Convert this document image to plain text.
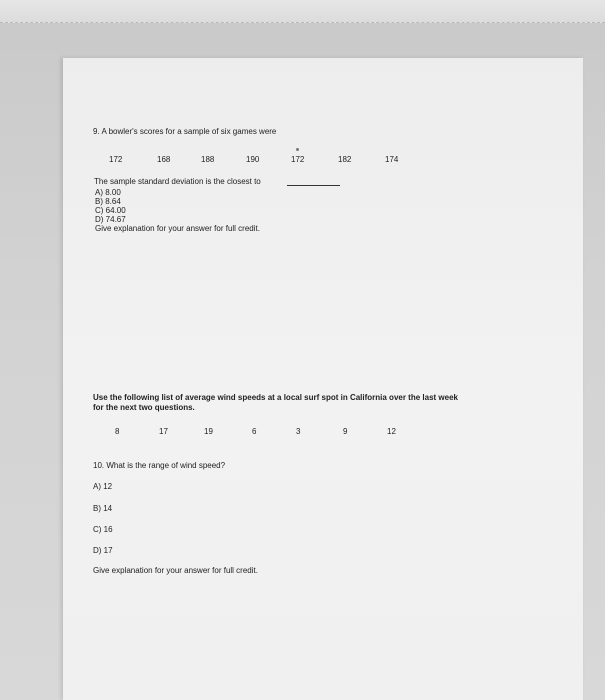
9. A bowler's scores for a sample of six games were
172	168	188	190	172	182	174
The sample standard deviation is the closest to
A) 8.00
B) 8.64
C) 64.00
D) 74.67
Give explanation for your answer for full credit.
Use the following list of average wind speeds at a local surf spot in California over the last week
for the next two questions.
8	17	19	6	3	9	12
10. What is the range of wind speed?
A) 12
B) 14
C) 16
D) 17
Give explanation for your answer for full credit.
